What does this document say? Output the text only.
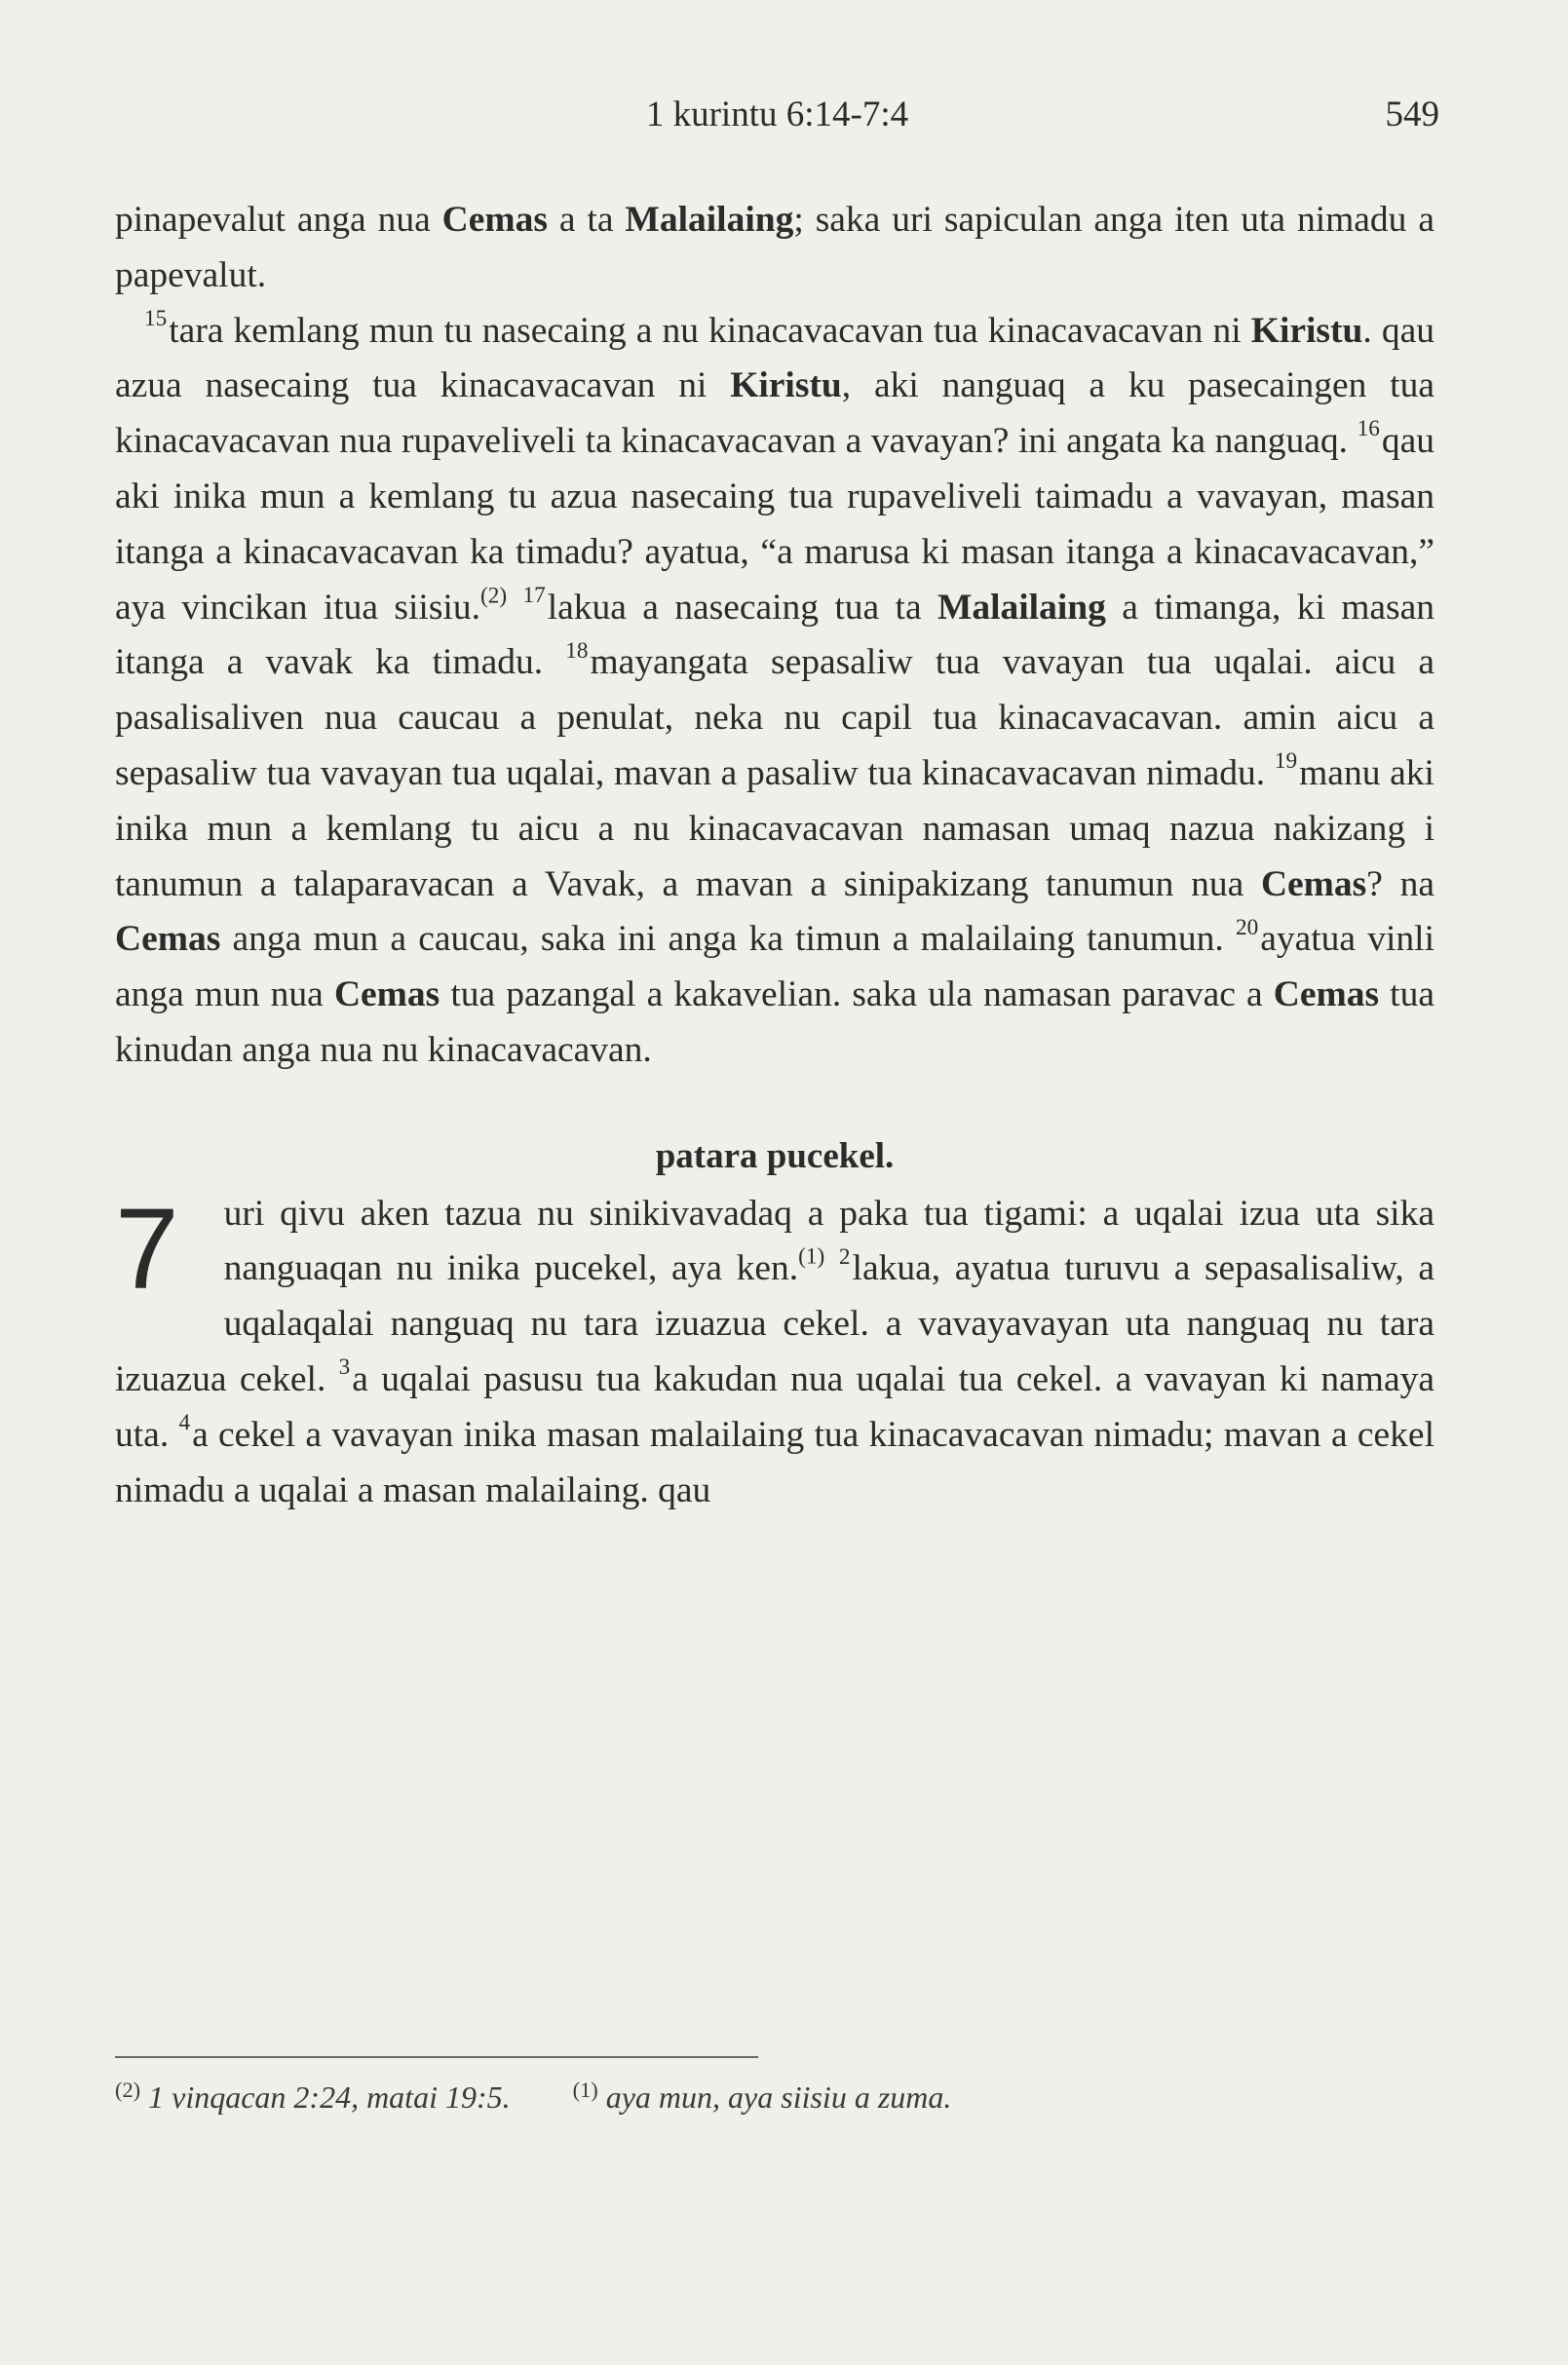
1 kurintu 6:14-7:4	549

pinapevalut anga nua Cemas a ta Malailaing; saka uri sapiculan anga iten uta nimadu a papevalut.

$^{15}$tara kemlang mun tu nasecaing a nu kinacavacavan tua kinacavacavan ni Kiristu. qau azua nasecaing tua kinacavacavan ni Kiristu, aki nanguaq a ku pasecaingen tua kinacavacavan nua rupaveliveli ta kinacavacavan a vavayan? ini angata ka nanguaq. $^{16}$qau aki inika mun a kemlang tu azua nasecaing tua rupaveliveli taimadu a vavayan, masan itanga a kinacavacavan ka timadu? ayatua, “a marusa ki masan itanga a kinacavacavan,” aya vincikan itua siisiu.$^{(2)}$ $^{17}$lakua a nasecaing tua ta Malailaing a timanga, ki masan itanga a vavak ka timadu. $^{18}$mayangata sepasaliw tua vavayan tua uqalai. aicu a pasalisaliven nua caucau a penulat, neka nu capil tua kinacavacavan. amin aicu a sepasaliw tua vavayan tua uqalai, mavan a pasaliw tua kinacavacavan nimadu. $^{19}$manu aki inika mun a kemlang tu aicu a nu kinacavacavan namasan umaq nazua nakizang i tanumun a talaparavacan a Vavak, a mavan a sinipakizang tanumun nua Cemas? na Cemas anga mun a caucau, saka ini anga ka timun a malailaing tanumun. $^{20}$ayatua vinli anga mun nua Cemas tua pazangal a kakavelian. saka ula namasan paravac a Cemas tua kinudan anga nua nu kinacavacavan.

patara pucekel.

7 uri qivu aken tazua nu sinikivavadaq a paka tua tigami: a uqalai izua uta sika nanguaqan nu inika pucekel, aya ken.$^{(1)}$ $^2$lakua, ayatua turuvu a sepasalisaliw, a uqalaqalai nanguaq nu tara izuazua cekel. a vavayavayan uta nanguaq nu tara izuazua cekel. $^3$a uqalai pasusu tua kakudan nua uqalai tua cekel. a vavayan ki namaya uta. $^4$a cekel a vavayan inika masan malailaing tua kinacavacavan nimadu; mavan a cekel nimadu a uqalai a masan malailaing. qau

$^{(2)}$ 1 vinqacan 2:24, matai 19:5.	$^{(1)}$ aya mun, aya siisiu a zuma.
